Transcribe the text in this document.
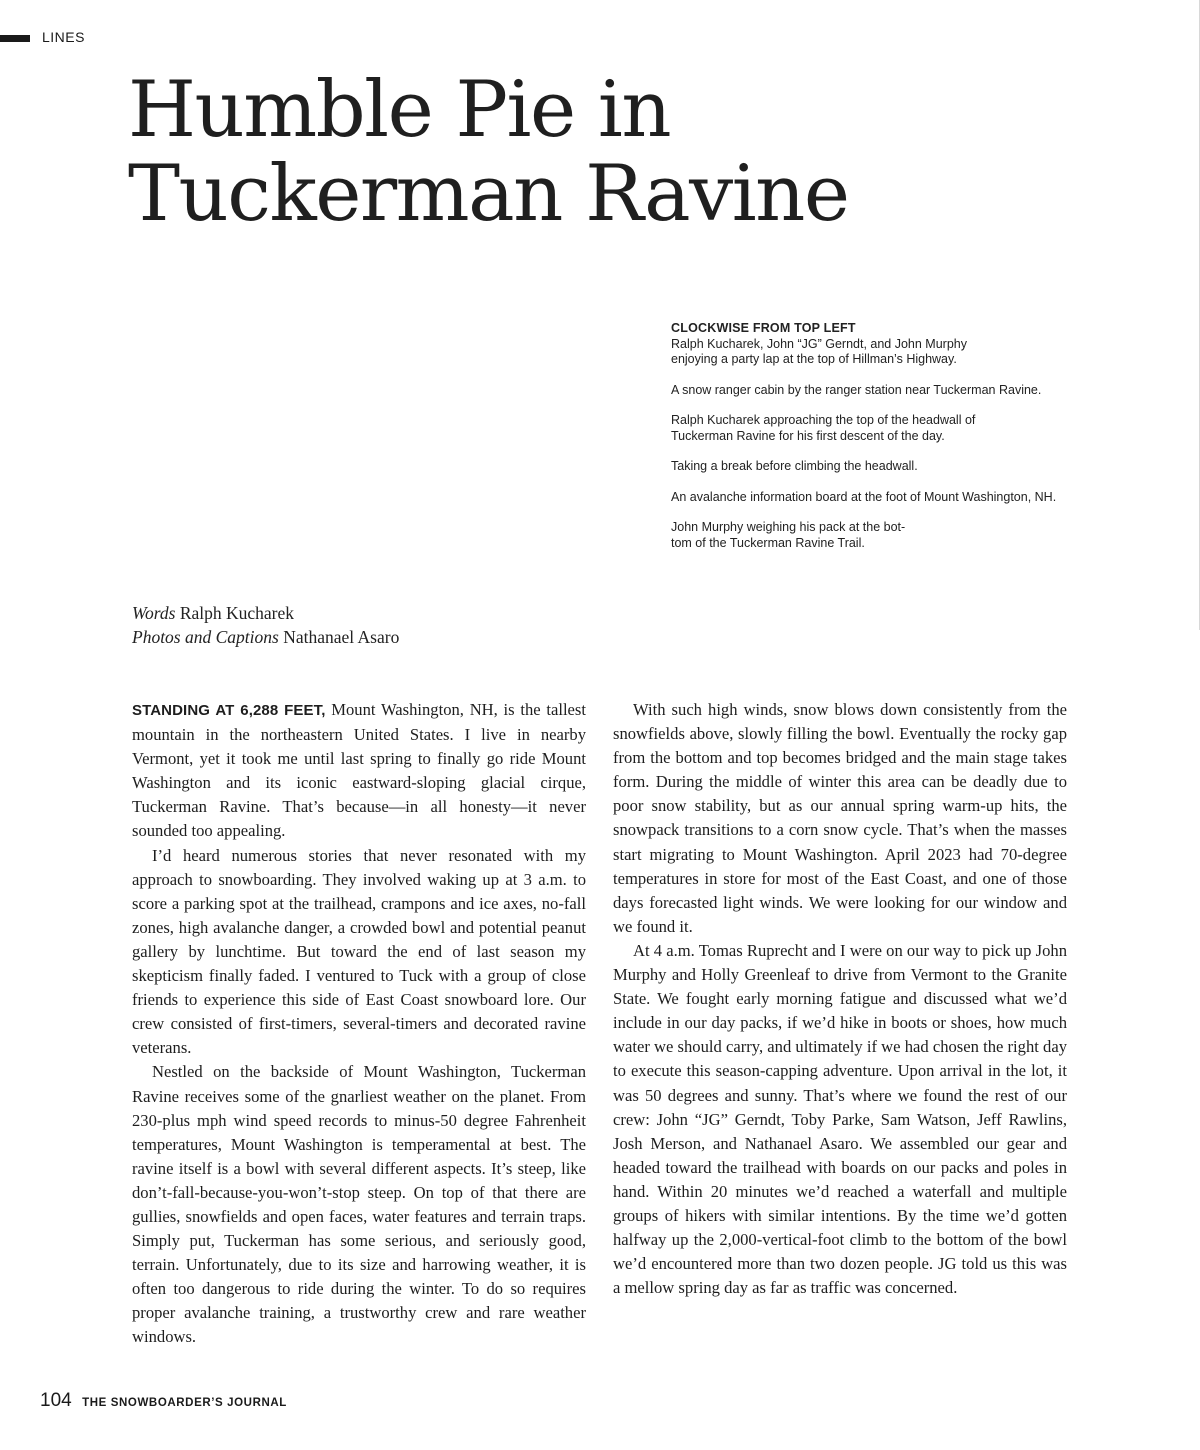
LINES
Humble Pie in
Tuckerman Ravine
CLOCKWISE FROM TOP LEFT

Ralph Kucharek, John “JG” Gerndt, and John Murphy
enjoying a party lap at the top of Hillman’s Highway.

A snow ranger cabin by the ranger station near Tuckerman Ravine.

Ralph Kucharek approaching the top of the headwall of
Tuckerman Ravine for his first descent of the day.

Taking a break before climbing the headwall.

An avalanche information board at the foot of Mount Washington, NH.

John Murphy weighing his pack at the bot-
tom of the Tuckerman Ravine Trail.

Words Ralph Kucharek
Photos and Captions Nathanael Asaro

STANDING AT 6,288 FEET, Mount Washington, NH, is the tallest mountain in the northeastern United States. I live in nearby Vermont, yet it took me until last spring to finally go ride Mount Washington and its iconic eastward-sloping glacial cirque, Tuckerman Ravine. That’s because—in all honesty—it never sounded too appealing.

I’d heard numerous stories that never resonated with my approach to snowboarding. They involved waking up at 3 a.m. to score a parking spot at the trailhead, crampons and ice axes, no-fall zones, high avalanche danger, a crowded bowl and potential peanut gallery by lunchtime. But toward the end of last season my skepticism finally faded. I ventured to Tuck with a group of close friends to experience this side of East Coast snowboard lore. Our crew consisted of first-timers, several-timers and decorated ravine veterans.

Nestled on the backside of Mount Washington, Tuckerman Ravine receives some of the gnarliest weather on the planet. From 230-plus mph wind speed records to minus-50 degree Fahrenheit temperatures, Mount Washington is temperamental at best. The ravine itself is a bowl with several different aspects. It’s steep, like don’t-fall-because-you-won’t-stop steep. On top of that there are gullies, snowfields and open faces, water features and terrain traps. Simply put, Tuckerman has some serious, and seriously good, terrain. Unfortunately, due to its size and harrowing weather, it is often too dangerous to ride during the winter. To do so requires proper avalanche training, a trustworthy crew and rare weather windows.

With such high winds, snow blows down consistently from the snowfields above, slowly filling the bowl. Eventually the rocky gap from the bottom and top becomes bridged and the main stage takes form. During the middle of winter this area can be deadly due to poor snow stability, but as our annual spring warm-up hits, the snowpack transitions to a corn snow cycle. That’s when the masses start migrating to Mount Washington. April 2023 had 70-degree temperatures in store for most of the East Coast, and one of those days forecasted light winds. We were looking for our window and we found it.

At 4 a.m. Tomas Ruprecht and I were on our way to pick up John Murphy and Holly Greenleaf to drive from Vermont to the Granite State. We fought early morning fatigue and discussed what we’d include in our day packs, if we’d hike in boots or shoes, how much water we should carry, and ultimately if we had chosen the right day to execute this season-capping adventure. Upon arrival in the lot, it was 50 degrees and sunny. That’s where we found the rest of our crew: John “JG” Gerndt, Toby Parke, Sam Watson, Jeff Rawlins, Josh Merson, and Nathanael Asaro. We assembled our gear and headed toward the trailhead with boards on our packs and poles in hand. Within 20 minutes we’d reached a waterfall and multiple groups of hikers with similar intentions. By the time we’d gotten halfway up the 2,000-vertical-foot climb to the bottom of the bowl we’d encountered more than two dozen people. JG told us this was a mellow spring day as far as traffic was concerned.

104 THE SNOWBOARDER’S JOURNAL
